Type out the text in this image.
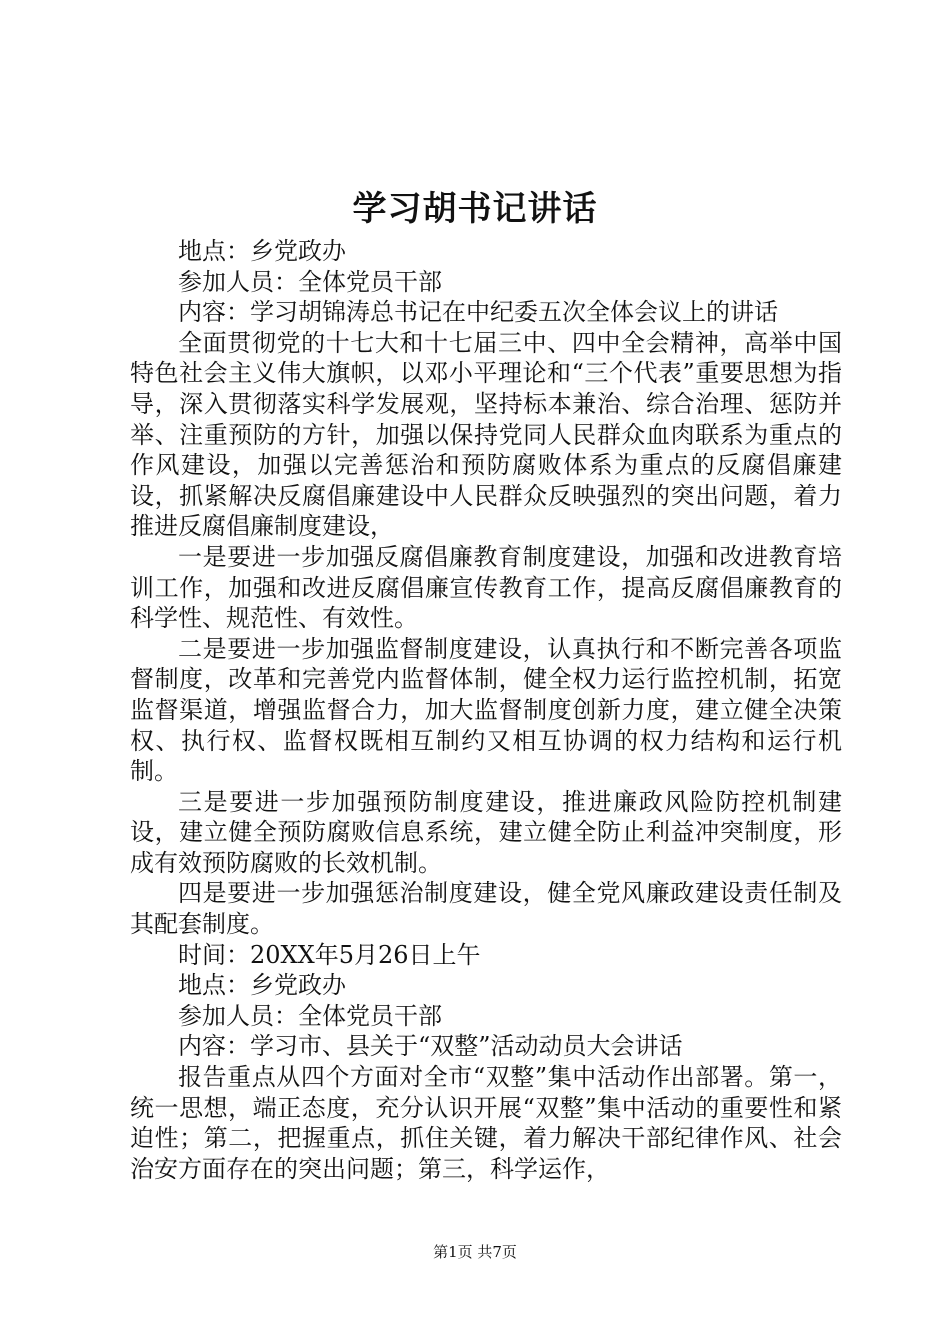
学习胡书记讲话

地点：乡党政办

参加人员：全体党员干部

内容：学习胡锦涛总书记在中纪委五次全体会议上的讲话

全面贯彻党的十七大和十七届三中、四中全会精神，高举中国特色社会主义伟大旗帜，以邓小平理论和“三个代表”重要思想为指导，深入贯彻落实科学发展观，坚持标本兼治、综合治理、惩防并举、注重预防的方针，加强以保持党同人民群众血肉联系为重点的作风建设，加强以完善惩治和预防腐败体系为重点的反腐倡廉建设，抓紧解决反腐倡廉建设中人民群众反映强烈的突出问题，着力推进反腐倡廉制度建设，

一是要进一步加强反腐倡廉教育制度建设，加强和改进教育培训工作，加强和改进反腐倡廉宣传教育工作，提高反腐倡廉教育的科学性、规范性、有效性。

二是要进一步加强监督制度建设，认真执行和不断完善各项监督制度，改革和完善党内监督体制，健全权力运行监控机制，拓宽监督渠道，增强监督合力，加大监督制度创新力度，建立健全决策权、执行权、监督权既相互制约又相互协调的权力结构和运行机制。

三是要进一步加强预防制度建设，推进廉政风险防控机制建设，建立健全预防腐败信息系统，建立健全防止利益冲突制度，形成有效预防腐败的长效机制。

四是要进一步加强惩治制度建设，健全党风廉政建设责任制及其配套制度。

时间：20XX年5月26日上午

地点：乡党政办

参加人员：全体党员干部

内容：学习市、县关于“双整”活动动员大会讲话

报告重点从四个方面对全市“双整”集中活动作出部署。第一，统一思想，端正态度，充分认识开展“双整”集中活动的重要性和紧迫性；第二，把握重点，抓住关键，着力解决干部纪律作风、社会治安方面存在的突出问题；第三，科学运作，

第1页 共7页
